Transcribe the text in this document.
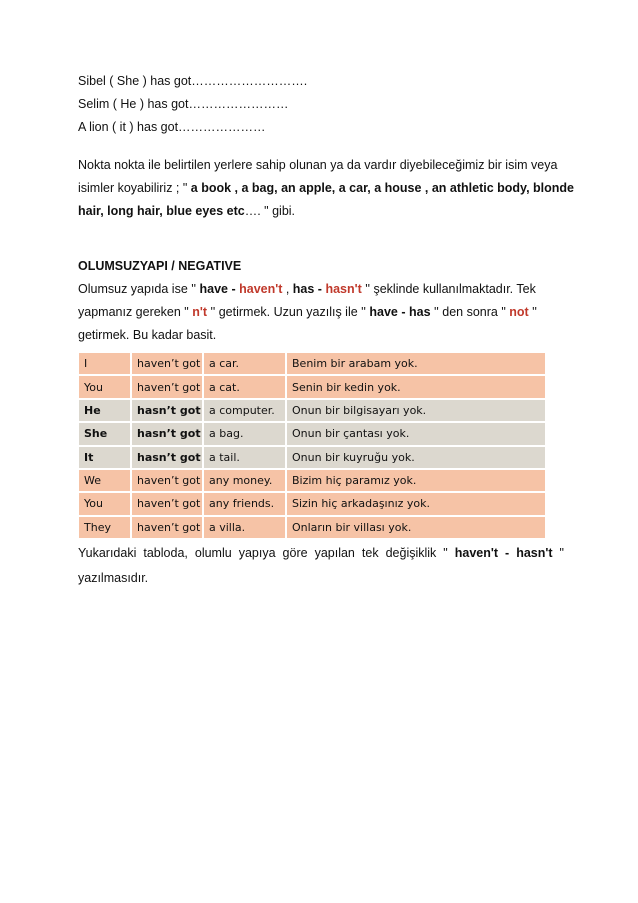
Sibel ( She ) has got……………………….
Selim ( He ) has got……………………
A lion ( it ) has got…………………
Nokta nokta ile belirtilen yerlere sahip olunan ya da vardır diyebileceğimiz bir isim veya
isimler koyabiliriz ; " a book , a bag, an apple, a car, a house , an athletic body, blonde
hair, long hair, blue eyes etc…. " gibi.
OLUMSUZYAPI / NEGATIVE
Olumsuz yapıda ise '' have - haven't , has - hasn't '' şeklinde kullanılmaktadır. Tek
yapmanız gereken " n't '' getirmek. Uzun yazılış ile '' have - has '' den sonra " not ''
getirmek. Bu kadar basit.
I	haven’t got	a car.	Benim bir arabam yok.
You	haven’t got	a cat.	Senin bir kedin yok.
He	hasn’t got	a computer.	Onun bir bilgisayarı yok.
She	hasn’t got	a bag.	Onun bir çantası yok.
It	hasn’t got	a tail.	Onun bir kuyruğu yok.
We	haven’t got	any money.	Bizim hiç paramız yok.
You	haven’t got	any friends.	Sizin hiç arkadaşınız yok.
They	haven’t got	a villa.	Onların bir villası yok.
Yukarıdaki tabloda, olumlu yapıya göre yapılan tek değişiklik " haven't - hasn't "
yazılmasıdır.
